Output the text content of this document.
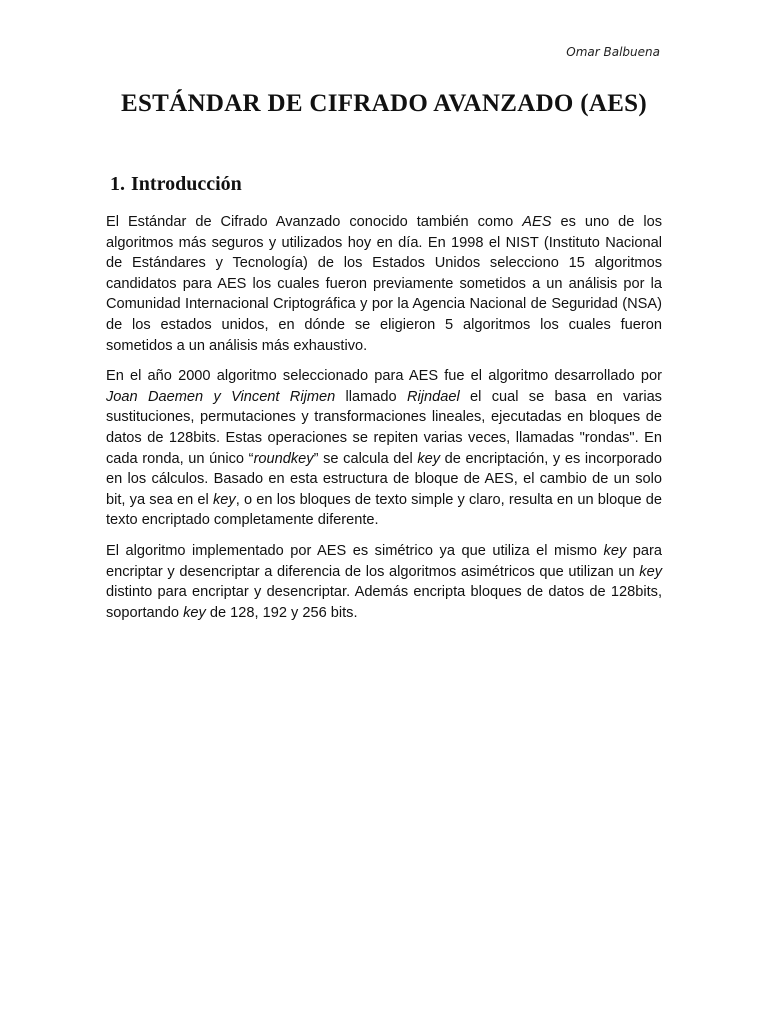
Omar Balbuena
ESTÁNDAR DE CIFRADO AVANZADO (AES)
1. Introducción

El Estándar de Cifrado Avanzado conocido también como AES es uno de los algoritmos más seguros y utilizados hoy en día. En 1998 el NIST (Instituto Nacional de Estándares y Tecnología) de los Estados Unidos selecciono 15 algoritmos candidatos para AES los cuales fueron previamente sometidos a un análisis por la Comunidad Internacional Criptográfica y por la Agencia Nacional de Seguridad (NSA) de los estados unidos, en dónde se eligieron 5 algoritmos los cuales fueron sometidos a un análisis más exhaustivo.

En el año 2000 algoritmo seleccionado para AES fue el algoritmo desarrollado por Joan Daemen y Vincent Rijmen llamado Rijndael el cual se basa en varias sustituciones, permutaciones y transformaciones lineales, ejecutadas en bloques de datos de 128bits. Estas operaciones se repiten varias veces, llamadas "rondas". En cada ronda, un único “roundkey” se calcula del key de encriptación, y es incorporado en los cálculos. Basado en esta estructura de bloque de AES, el cambio de un solo bit, ya sea en el key, o en los bloques de texto simple y claro, resulta en un bloque de texto encriptado completamente diferente.

El algoritmo implementado por AES es simétrico ya que utiliza el mismo key para encriptar y desencriptar a diferencia de los algoritmos asimétricos que utilizan un key distinto para encriptar y desencriptar. Además encripta bloques de datos de 128bits, soportando key de 128, 192 y 256 bits.
